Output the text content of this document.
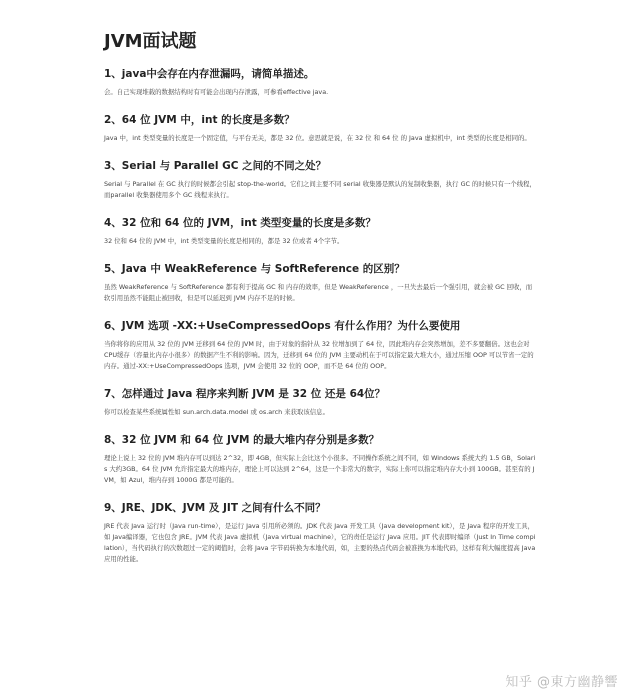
JVM面试题
1、java中会存在内存泄漏吗，请简单描述。

会。自己实现堆载的数据结构时有可能会出现内存泄露，可参看effective java.

2、64 位 JVM 中，int 的长度是多数？

Java 中，int 类型变量的长度是一个固定值，与平台无关，都是 32 位。意思就是说，在 32 位 和 64 位 的 Java 虚拟机中，int 类型的长度是相同的。

3、Serial 与 Parallel GC 之间的不同之处？

Serial 与 Parallel 在 GC 执行的时候都会引起 stop-the-world。它们之间主要不同 serial 收集器是默认的复制收集器，执行 GC 的时候只有一个线程，而parallel 收集器使用多个 GC 线程来执行。

4、32 位和 64 位的 JVM，int 类型变量的长度是多数？

32 位和 64 位的 JVM 中，int 类型变量的长度是相同的，都是 32 位或者 4个字节。

5、Java 中 WeakReference 与 SoftReference 的区别？

虽然 WeakReference 与 SoftReference 都有利于提高 GC 和 内存的效率，但是 WeakReference ，一旦失去最后一个强引用，就会被 GC 回收，而软引用虽然不能阻止被回收，但是可以延迟到 JVM 内存不足的时候。

6、JVM 选项 -XX:+UseCompressedOops 有什么作用？为什么要使用

当你将你的应用从 32 位的 JVM 迁移到 64 位的 JVM 时，由于对象的指针从 32 位增加到了 64 位，因此堆内存会突然增加，差不多要翻倍。这也会对 CPU缓存（容量比内存小很多）的数据产生不利的影响。因为，迁移到 64 位的 JVM 主要动机在于可以指定最大堆大小，通过压缩 OOP 可以节省一定的内存。通过-XX:+UseCompressedOops 选项，JVM 会使用 32 位的 OOP，而不是 64 位的 OOP。

7、怎样通过 Java 程序来判断 JVM 是 32 位 还是 64位？

你可以检查某些系统属性如 sun.arch.data.model 或 os.arch 来获取该信息。

8、32 位 JVM 和 64 位 JVM 的最大堆内存分别是多数？

理论上说上 32 位的 JVM 堆内存可以到达 2^32，即 4GB，但实际上会比这个小很多。不同操作系统之间不同，如 Windows 系统大约 1.5 GB，Solaris 大约3GB。64 位 JVM 允许指定最大的堆内存，理论上可以达到 2^64，这是一个非常大的数字，实际上你可以指定堆内存大小到 100GB。甚至有的 JVM，如 Azul，堆内存到 1000G 都是可能的。

9、JRE、JDK、JVM 及 JIT 之间有什么不同？

JRE 代表 Java 运行时（Java run-time），是运行 Java 引用所必须的。JDK 代表 Java 开发工具（Java development kit），是 Java 程序的开发工具，如 Java编译器，它也包含 JRE。JVM 代表 Java 虚拟机（Java virtual machine），它的责任是运行 Java 应用。JIT 代表即时编译（Just In Time compilation），当代码执行的次数超过一定的阈值时，会将 Java 字节码转换为本地代码，如，主要的热点代码会被准换为本地代码，这样有利大幅度提高 Java 应用的性能。

知乎 @東方幽静響
